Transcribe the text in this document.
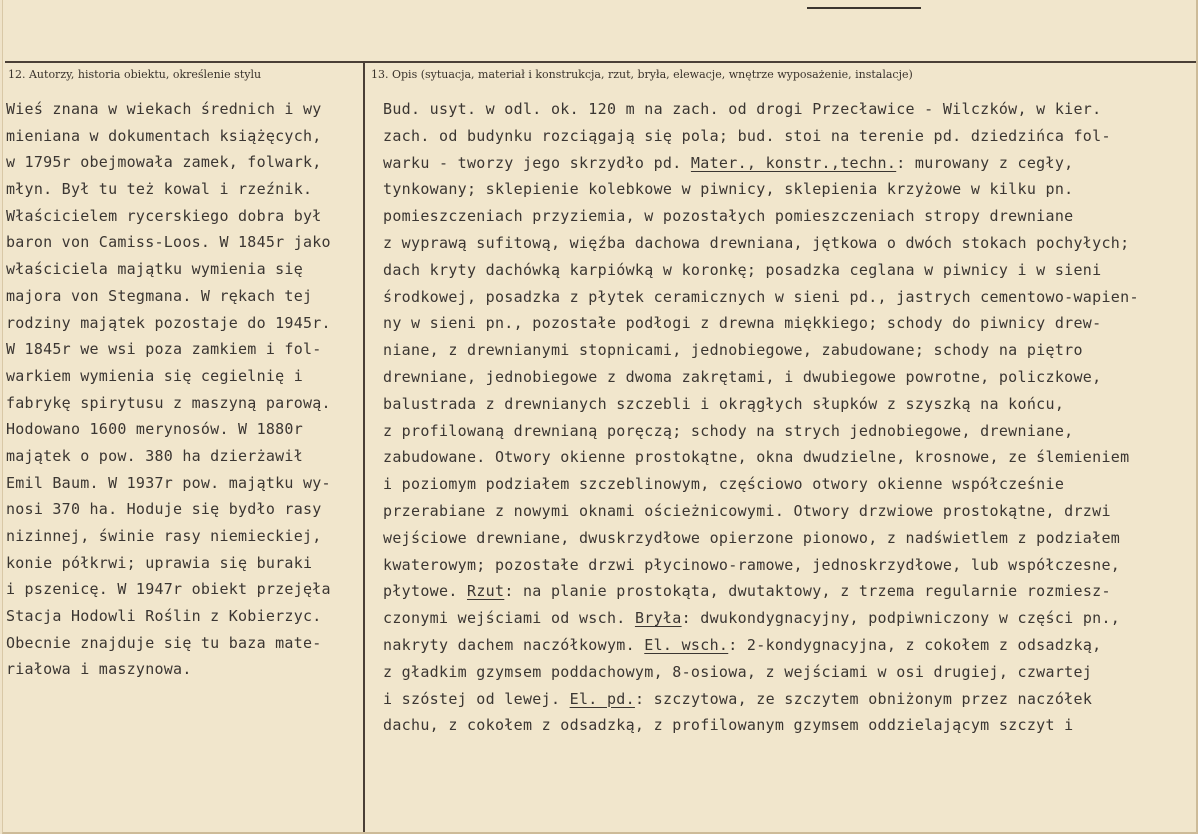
12. Autorzy, historia obiektu, określenie stylu	13. Opis (sytuacja, materiał i konstrukcja, rzut, bryła, elewacje, wnętrze wyposażenie, instalacje)
Wieś znana w wiekach średnich i wy
mieniana w dokumentach książęcych,
w 1795r obejmowała zamek, folwark,
młyn. Był tu też kowal i rzeźnik.
Właścicielem rycerskiego dobra był
baron von Camiss-Loos. W 1845r jako
właściciela majątku wymienia się
majora von Stegmana. W rękach tej
rodziny majątek pozostaje do 1945r.
W 1845r we wsi poza zamkiem i fol-
warkiem wymienia się cegielnię i
fabrykę spirytusu z maszyną parową.
Hodowano 1600 merynosów. W 1880r
majątek o pow. 380 ha dzierżawił
Emil Baum. W 1937r pow. majątku wy-
nosi 370 ha. Hoduje się bydło rasy
nizinnej, świnie rasy niemieckiej,
konie półkrwi; uprawia się buraki
i pszenicę. W 1947r obiekt przejęła
Stacja Hodowli Roślin z Kobierzyc.
Obecnie znajduje się tu baza mate-
riałowa i maszynowa.
Bud. usyt. w odl. ok. 120 m na zach. od drogi Przecławice - Wilczków, w kier.
zach. od budynku rozciągają się pola; bud. stoi na terenie pd. dziedzińca fol-
warku - tworzy jego skrzydło pd. Mater., konstr.,techn.: murowany z cegły,
tynkowany; sklepienie kolebkowe w piwnicy, sklepienia krzyżowe w kilku pn.
pomieszczeniach przyziemia, w pozostałych pomieszczeniach stropy drewniane
z wyprawą sufitową, więźba dachowa drewniana, jętkowa o dwóch stokach pochyłych;
dach kryty dachówką karpiówką w koronkę; posadzka ceglana w piwnicy i w sieni
środkowej, posadzka z płytek ceramicznych w sieni pd., jastrych cementowo-wapien-
ny w sieni pn., pozostałe podłogi z drewna miękkiego; schody do piwnicy drew-
niane, z drewnianymi stopnicami, jednobiegowe, zabudowane; schody na piętro
drewniane, jednobiegowe z dwoma zakrętami, i dwubiegowe powrotne, policzkowe,
balustrada z drewnianych szczebli i okrągłych słupków z szyszką na końcu,
z profilowaną drewnianą poręczą; schody na strych jednobiegowe, drewniane,
zabudowane. Otwory okienne prostokątne, okna dwudzielne, krosnowe, ze ślemieniem
i poziomym podziałem szczeblinowym, częściowo otwory okienne współcześnie
przerabiane z nowymi oknami ościeżnicowymi. Otwory drzwiowe prostokątne, drzwi
wejściowe drewniane, dwuskrzydłowe opierzone pionowo, z nadświetlem z podziałem
kwaterowym; pozostałe drzwi płycinowo-ramowe, jednoskrzydłowe, lub współczesne,
płytowe. Rzut: na planie prostokąta, dwutaktowy, z trzema regularnie rozmiesz-
czonymi wejściami od wsch. Bryła: dwukondygnacyjny, podpiwniczony w części pn.,
nakryty dachem naczółkowym. El. wsch.: 2-kondygnacyjna, z cokołem z odsadzką,
z gładkim gzymsem poddachowym, 8-osiowa, z wejściami w osi drugiej, czwartej
i szóstej od lewej. El. pd.: szczytowa, ze szczytem obniżonym przez naczółek
dachu, z cokołem z odsadzką, z profilowanym gzymsem oddzielającym szczyt i
